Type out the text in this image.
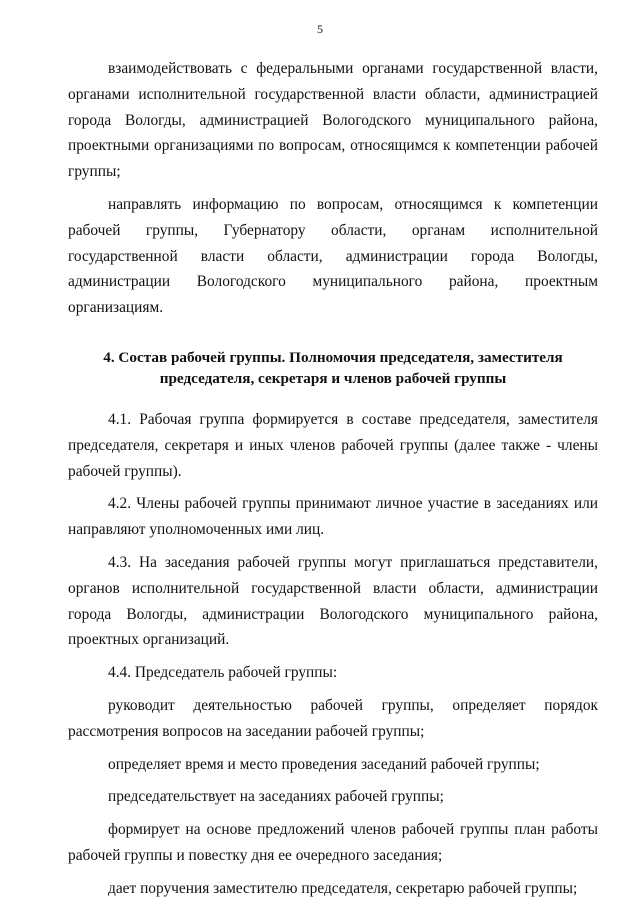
5

взаимодействовать с федеральными органами государственной власти, органами исполнительной государственной власти области, администрацией города Вологды, администрацией Вологодского муниципального района, проектными организациями по вопросам, относящимся к компетенции рабочей группы;

направлять информацию по вопросам, относящимся к компетенции рабочей группы, Губернатору области, органам исполнительной государственной власти области, администрации города Вологды, администрации Вологодского муниципального района, проектным организациям.

4. Состав рабочей группы. Полномочия председателя, заместителя
председателя, секретаря и членов рабочей группы

4.1. Рабочая группа формируется в составе председателя, заместителя председателя, секретаря и иных членов рабочей группы (далее также - члены рабочей группы).

4.2. Члены рабочей группы принимают личное участие в заседаниях или направляют уполномоченных ими лиц.

4.3. На заседания рабочей группы могут приглашаться представители, органов исполнительной государственной власти области, администрации города Вологды, администрации Вологодского муниципального района, проектных организаций.

4.4. Председатель рабочей группы:

руководит деятельностью рабочей группы, определяет порядок рассмотрения вопросов на заседании рабочей группы;

определяет время и место проведения заседаний рабочей группы;

председательствует на заседаниях рабочей группы;

формирует на основе предложений членов рабочей группы план работы рабочей группы и повестку дня ее очередного заседания;

дает поручения заместителю председателя, секретарю рабочей группы;
